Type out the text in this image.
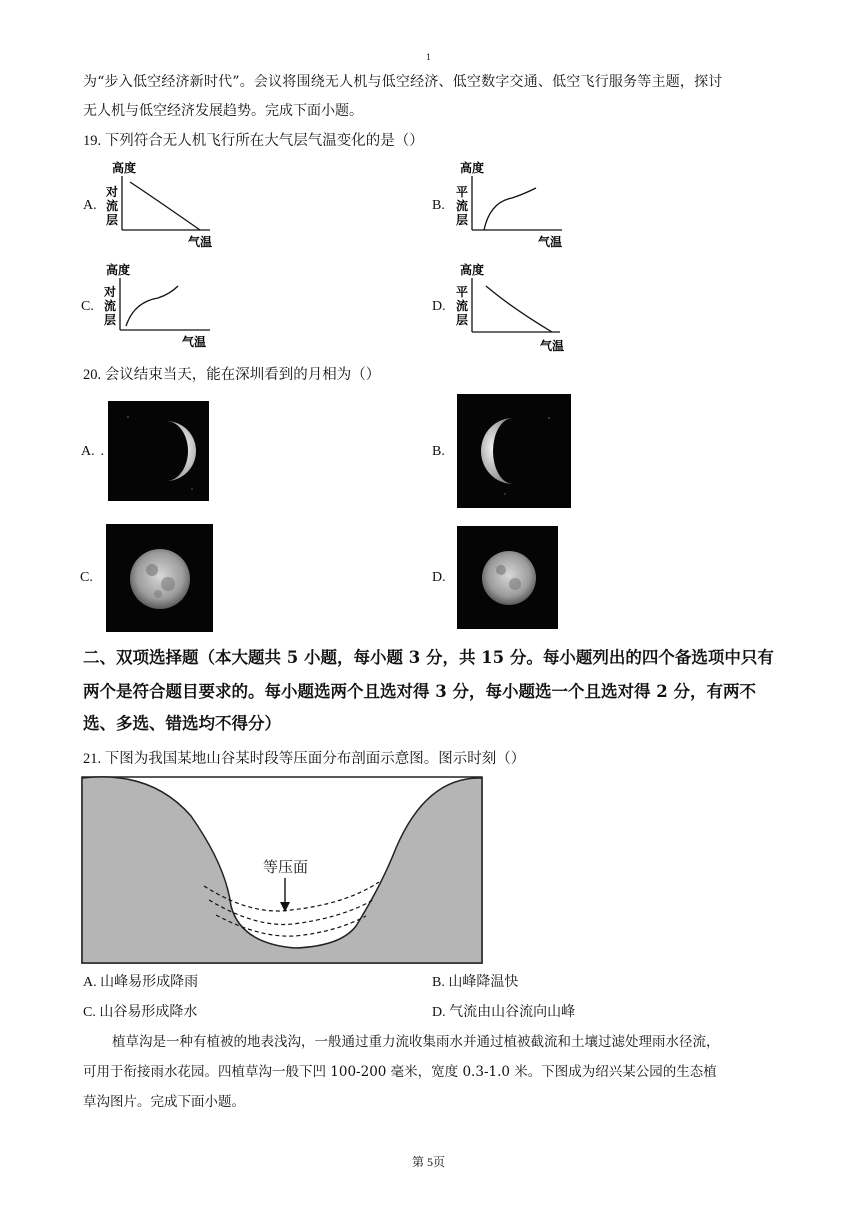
1
为“步入低空经济新时代”。会议将围绕无人机与低空经济、低空数字交通、低空飞行服务等主题，探讨
无人机与低空经济发展趋势。完成下面小题。
19. 下列符合无人机飞行所在大气层气温变化的是（）
A.	B.
C.	D.
高度
对
流
层
气温
高度
平
流
层
气温
高度
对
流
层
气温
高度
平
流
层
气温
20. 会议结束当天，能在深圳看到的月相为（）
A. .	B.
C.	D.
二、双项选择题（本大题共 5 小题，每小题 3 分，共 15 分。每小题列出的四个备选项中只有
两个是符合题目要求的。每小题选两个且选对得 3 分，每小题选一个且选对得 2 分，有两不
选、多选、错选均不得分）
21. 下图为我国某地山谷某时段等压面分布剖面示意图。图示时刻（）
等压面
A. 山峰易形成降雨	B. 山峰降温快
C. 山谷易形成降水	D. 气流由山谷流向山峰
植草沟是一种有植被的地表浅沟，一般通过重力流收集雨水并通过植被截流和土壤过滤处理雨水径流，
可用于衔接雨水花园。四植草沟一般下凹 100-200 毫米，宽度 0.3-1.0 米。下图成为绍兴某公园的生态植
草沟图片。完成下面小题。
第 5页
